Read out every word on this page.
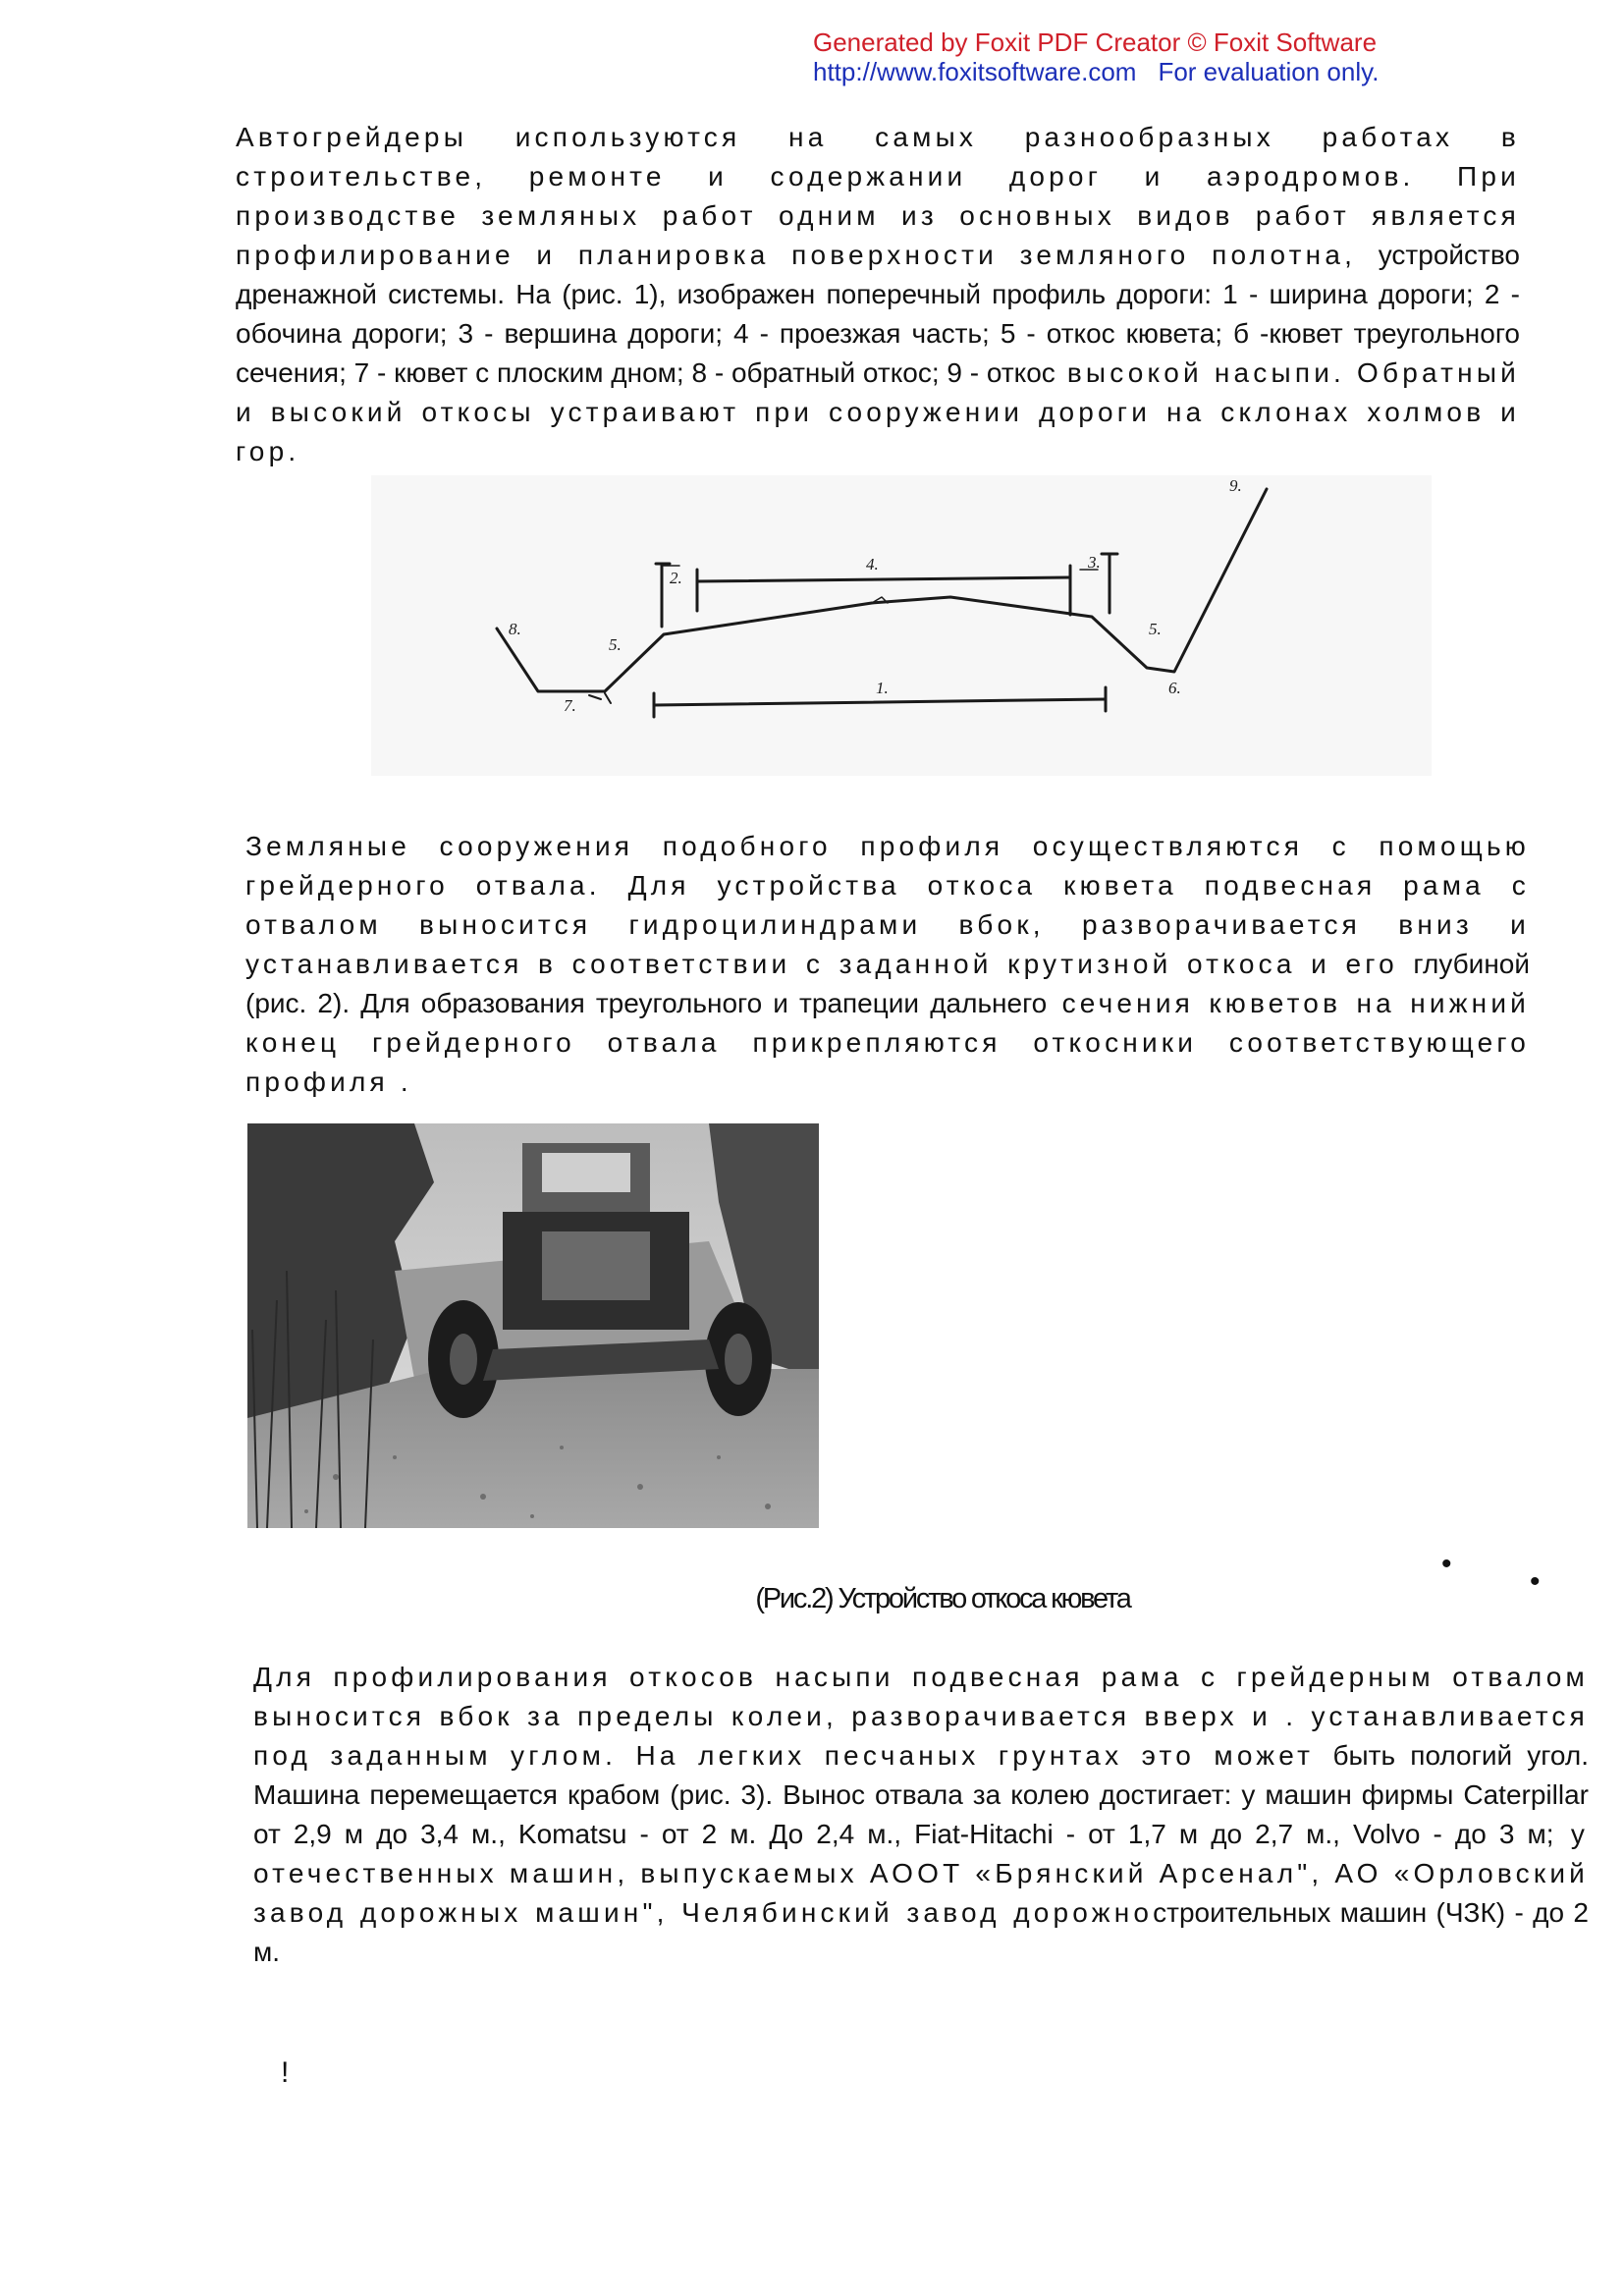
Generated by Foxit PDF Creator © Foxit Software
http://www.foxitsoftware.com For evaluation only.

Автогрейдеры используются на самых разнообразных работах в строительстве, ремонте и содержании дорог и аэродромов. При производстве земляных работ одним из основных видов работ является профилирование и планировка поверхности земляного полотна, устройство дренажной системы. На (рис. 1), изображен поперечный профиль дороги: 1 - ширина дороги; 2 - обочина дороги; 3 - вершина дороги; 4 - проезжая часть; 5 - откос кювета; б -кювет треугольного сечения; 7 - кювет с плоским дном; 8 - обратный откос; 9 - откос высокой насыпи. Обратный и высокий откосы устраивают при сооружении дороги на склонах холмов и гор.

8.
5.
7.
2.
4.	3.
5.
6.
1.
9.

Земляные сооружения подобного профиля осуществляются с помощью грейдерного отвала. Для устройства откоса кювета подвесная рама с отвалом выносится гидроцилиндрами вбок, разворачивается вниз и устанавливается в соответствии с заданной крутизной откоса и его глубиной (рис. 2). Для образования треугольного и трапеции дальнего сечения кюветов на нижний конец грейдерного отвала прикрепляются откосники соответствующего профиля .

(Рис.2) Устройство откоса кювета
•
•

Для профилирования откосов насыпи подвесная рама с грейдерным отвалом выносится вбок за пределы колеи, разворачивается вверх и . устанавливается под заданным углом. На легких песчаных грунтах это может быть пологий угол. Машина перемещается крабом (рис. 3). Вынос отвала за колею достигает: у машин фирмы Caterpillar от 2,9 м до 3,4 м., Komatsu - от 2 м. До 2,4 м., Fiat-Hitachi - от 1,7 м до 2,7 м., Volvo - до 3 м; у отечественных машин, выпускаемых АООТ «Брянский Арсенал", АО «Орловский завод дорожных машин", Челябинский завод дорожностроительных машин (ЧЗК) - до 2 м.

!
